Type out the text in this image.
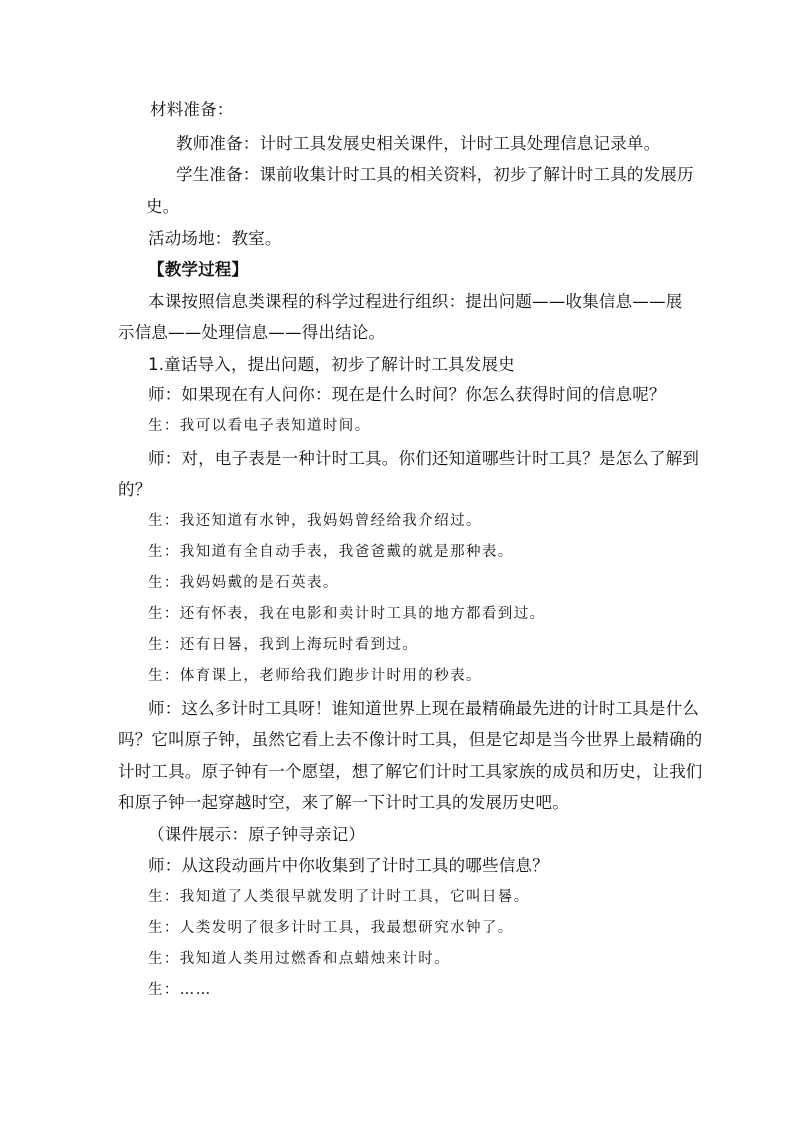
材料准备：
教师准备：计时工具发展史相关课件，计时工具处理信息记录单。
学生准备：课前收集计时工具的相关资料，初步了解计时工具的发展历
史。
活动场地：教室。
【教学过程】
本课按照信息类课程的科学过程进行组织：提出问题——收集信息——展
示信息——处理信息——得出结论。
1.童话导入，提出问题，初步了解计时工具发展史
师：如果现在有人问你：现在是什么时间？你怎么获得时间的信息呢？
生：我可以看电子表知道时间。
师：对，电子表是一种计时工具。你们还知道哪些计时工具？是怎么了解到
的？
生：我还知道有水钟，我妈妈曾经给我介绍过。
生：我知道有全自动手表，我爸爸戴的就是那种表。
生：我妈妈戴的是石英表。
生：还有怀表，我在电影和卖计时工具的地方都看到过。
生：还有日晷，我到上海玩时看到过。
生：体育课上，老师给我们跑步计时用的秒表。
师：这么多计时工具呀！谁知道世界上现在最精确最先进的计时工具是什么
吗？它叫原子钟，虽然它看上去不像计时工具，但是它却是当今世界上最精确的
计时工具。原子钟有一个愿望，想了解它们计时工具家族的成员和历史，让我们
和原子钟一起穿越时空，来了解一下计时工具的发展历史吧。
（课件展示：原子钟寻亲记）
师：从这段动画片中你收集到了计时工具的哪些信息？
生：我知道了人类很早就发明了计时工具，它叫日晷。
生：人类发明了很多计时工具，我最想研究水钟了。
生：我知道人类用过燃香和点蜡烛来计时。
生：……
